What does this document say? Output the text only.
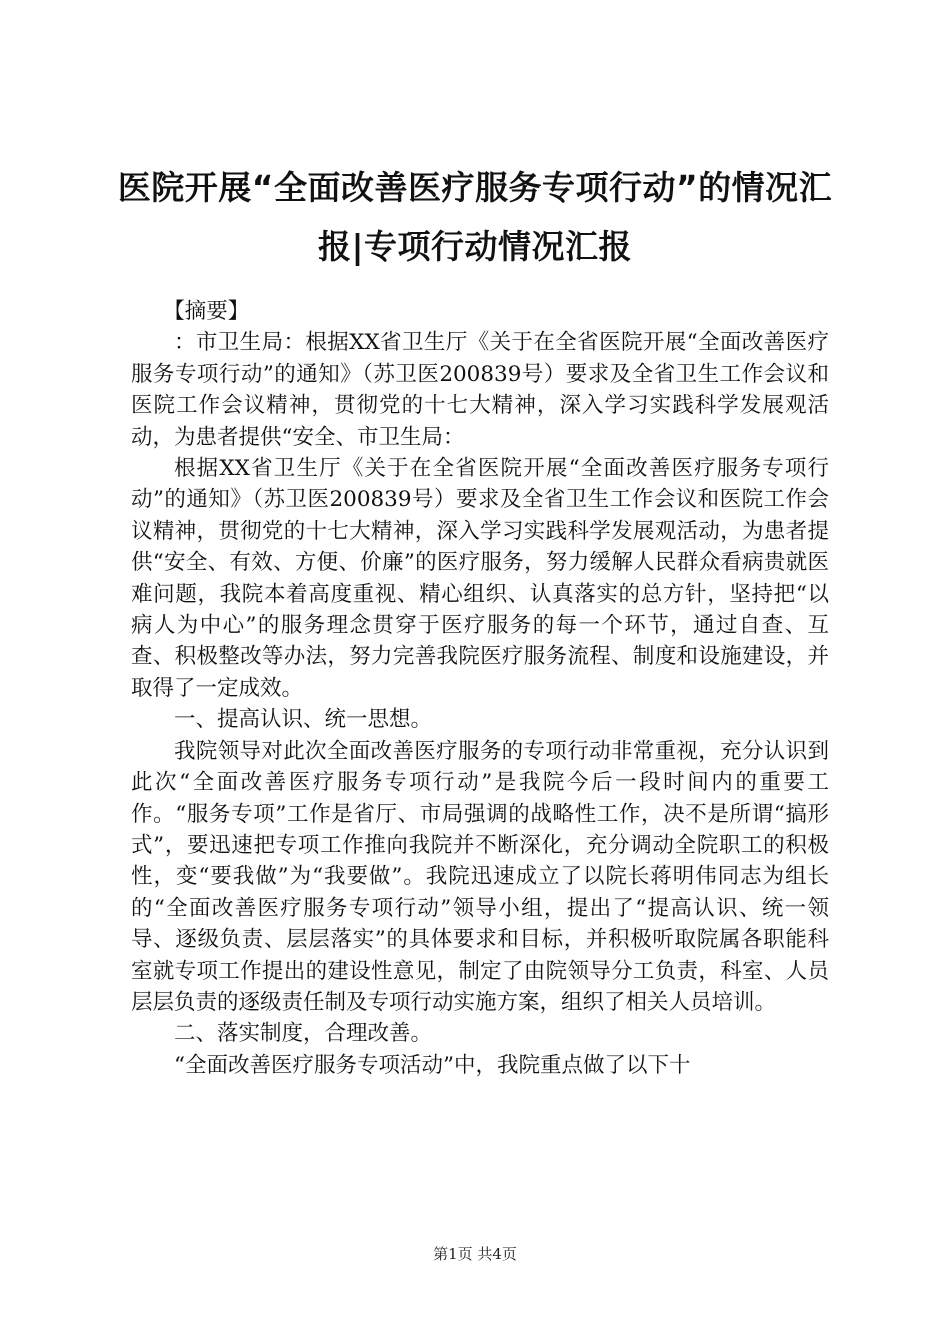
医院开展“全面改善医疗服务专项行动”的情况汇报|专项行动情况汇报

【摘要】

：市卫生局：根据XX省卫生厅《关于在全省医院开展“全面改善医疗服务专项行动”的通知》（苏卫医200839号）要求及全省卫生工作会议和医院工作会议精神，贯彻党的十七大精神，深入学习实践科学发展观活动，为患者提供“安全、市卫生局：

根据XX省卫生厅《关于在全省医院开展“全面改善医疗服务专项行动”的通知》（苏卫医200839号）要求及全省卫生工作会议和医院工作会议精神，贯彻党的十七大精神，深入学习实践科学发展观活动，为患者提供“安全、有效、方便、价廉”的医疗服务，努力缓解人民群众看病贵就医难问题，我院本着高度重视、精心组织、认真落实的总方针，坚持把“以病人为中心”的服务理念贯穿于医疗服务的每一个环节，通过自查、互查、积极整改等办法，努力完善我院医疗服务流程、制度和设施建设，并取得了一定成效。

一、提高认识、统一思想。

我院领导对此次全面改善医疗服务的专项行动非常重视，充分认识到此次“全面改善医疗服务专项行动”是我院今后一段时间内的重要工作。“服务专项”工作是省厅、市局强调的战略性工作，决不是所谓“搞形式”，要迅速把专项工作推向我院并不断深化，充分调动全院职工的积极性，变“要我做”为“我要做”。我院迅速成立了以院长蒋明伟同志为组长的“全面改善医疗服务专项行动”领导小组，提出了“提高认识、统一领导、逐级负责、层层落实”的具体要求和目标，并积极听取院属各职能科室就专项工作提出的建设性意见，制定了由院领导分工负责，科室、人员层层负责的逐级责任制及专项行动实施方案，组织了相关人员培训。

二、落实制度，合理改善。

“全面改善医疗服务专项活动”中，我院重点做了以下十

第1页 共4页
